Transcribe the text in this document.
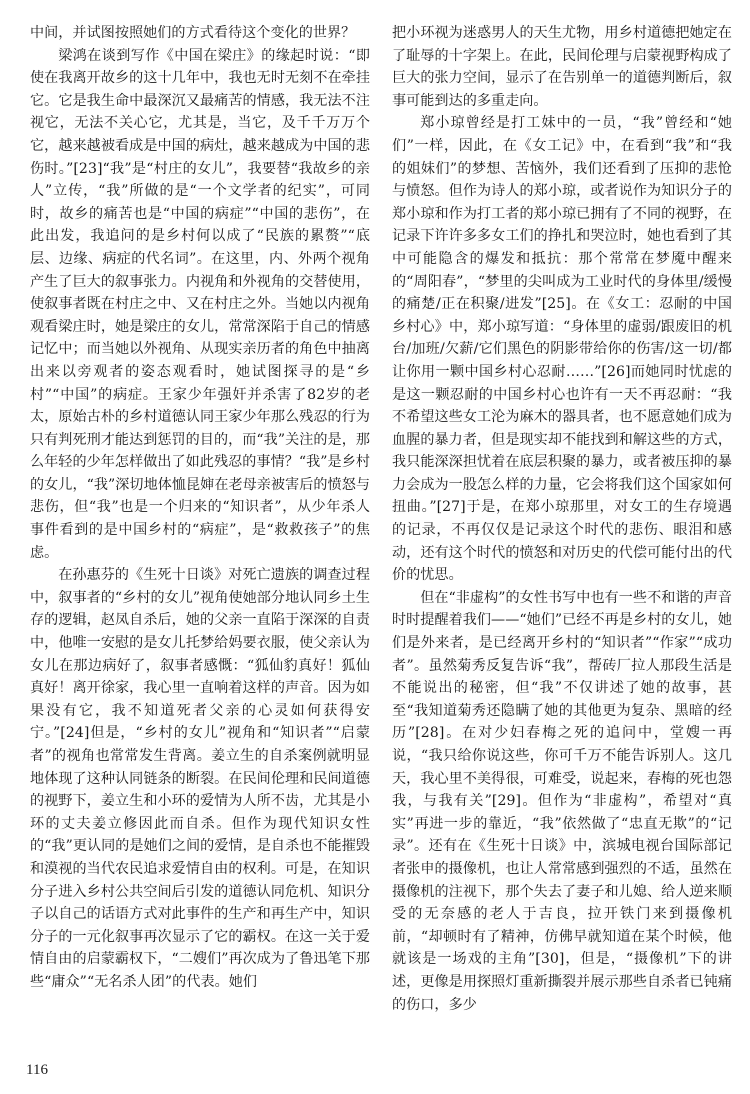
中间，并试图按照她们的方式看待这个变化的世界？

梁鸿在谈到写作《中国在梁庄》的缘起时说：“即使在我离开故乡的这十几年中，我也无时无刻不在牵挂它。它是我生命中最深沉又最痛苦的情感，我无法不注视它，无法不关心它，尤其是，当它，及千千万万个它，越来越被看成是中国的病灶，越来越成为中国的悲伤时。”[23]“我”是“村庄的女儿”，我要替“我故乡的亲人”立传，“我”所做的是“一个文学者的纪实”，可同时，故乡的痛苦也是“中国的病症”“中国的悲伤”，在此出发，我追问的是乡村何以成了“民族的累赘”“底层、边缘、病症的代名词”。在这里，内、外两个视角产生了巨大的叙事张力。内视角和外视角的交替使用，使叙事者既在村庄之中、又在村庄之外。当她以内视角观看梁庄时，她是梁庄的女儿，常常深陷于自己的情感记忆中；而当她以外视角、从现实亲历者的角色中抽离出来以旁观者的姿态观看时，她试图探寻的是“乡村”“中国”的病症。王家少年强奸并杀害了82岁的老太，原始古朴的乡村道德认同王家少年那么残忍的行为只有判死刑才能达到惩罚的目的，而“我”关注的是，那么年轻的少年怎样做出了如此残忍的事情？“我”是乡村的女儿，“我”深切地体恤昆婶在老母亲被害后的愤怒与悲伤，但“我”也是一个归来的“知识者”，从少年杀人事件看到的是中国乡村的“病症”，是“救救孩子”的焦虑。

在孙惠芬的《生死十日谈》对死亡遗族的调查过程中，叙事者的“乡村的女儿”视角使她部分地认同乡土生存的逻辑，赵凤自杀后，她的父亲一直陷于深深的自责中，他唯一安慰的是女儿托梦给妈要衣服，使父亲认为女儿在那边病好了，叙事者感慨：“狐仙豹真好！狐仙真好！离开徐家，我心里一直响着这样的声音。因为如果没有它，我不知道死者父亲的心灵如何获得安宁。”[24]但是，“乡村的女儿”视角和“知识者”“启蒙者”的视角也常常发生背离。姜立生的自杀案例就明显地体现了这种认同链条的断裂。在民间伦理和民间道德的视野下，姜立生和小环的爱情为人所不齿，尤其是小环的丈夫姜立修因此而自杀。但作为现代知识女性的“我”更认同的是她们之间的爱情，是自杀也不能摧毁和漠视的当代农民追求爱情自由的权利。可是，在知识分子进入乡村公共空间后引发的道德认同危机、知识分子以自己的话语方式对此事件的生产和再生产中，知识分子的一元化叙事再次显示了它的霸权。在这一关于爱情自由的启蒙霸权下，“二嫂们”再次成为了鲁迅笔下那些“庸众”“无名杀人团”的代表。她们

把小环视为迷惑男人的天生尤物，用乡村道德把她定在了耻辱的十字架上。在此，民间伦理与启蒙视野构成了巨大的张力空间，显示了在告别单一的道德判断后，叙事可能到达的多重走向。

郑小琼曾经是打工妹中的一员，“我”曾经和“她们”一样，因此，在《女工记》中，在看到“我”和“我的姐妹们”的梦想、苦恼外，我们还看到了压抑的悲怆与愤怒。但作为诗人的郑小琼，或者说作为知识分子的郑小琼和作为打工者的郑小琼已拥有了不同的视野，在记录下许许多多女工们的挣扎和哭泣时，她也看到了其中可能隐含的爆发和抵抗：那个常常在梦魇中醒来的“周阳春”，“梦里的尖叫成为工业时代的身体里/缓慢的痛楚/正在积聚/进发”[25]。在《女工：忍耐的中国乡村心》中，郑小琼写道：“身体里的虚弱/跟废旧的机台/加班/欠薪/它们黑色的阴影带给你的伤害/这一切/都让你用一颗中国乡村心忍耐……”[26]而她同时忧虑的是这一颗忍耐的中国乡村心也许有一天不再忍耐：“我不希望这些女工沦为麻木的器具者，也不愿意她们成为血腥的暴力者，但是现实却不能找到和解这些的方式，我只能深深担忧着在底层积聚的暴力，或者被压抑的暴力会成为一股怎么样的力量，它会将我们这个国家如何扭曲。”[27]于是，在郑小琼那里，对女工的生存境遇的记录，不再仅仅是记录这个时代的悲伤、眼泪和感动，还有这个时代的愤怒和对历史的代偿可能付出的代价的忧思。

但在“非虚构”的女性书写中也有一些不和谐的声音时时提醒着我们——“她们”已经不再是乡村的女儿，她们是外来者，是已经离开乡村的“知识者”“作家”“成功者”。虽然菊秀反复告诉“我”，帮砖厂拉人那段生活是不能说出的秘密，但“我”不仅讲述了她的故事，甚至“我知道菊秀还隐瞒了她的其他更为复杂、黑暗的经历”[28]。在对少妇春梅之死的追问中，堂嫂一再说，“我只给你说这些，你可千万不能告诉别人。这几天，我心里不美得很，可难受，说起来，春梅的死也怨我，与我有关”[29]。但作为“非虚构”，希望对“真实”再进一步的靠近，“我”依然做了“忠直无欺”的“记录”。还有在《生死十日谈》中，滨城电视台国际部记者张申的摄像机，也让人常常感到强烈的不适，虽然在摄像机的注视下，那个失去了妻子和儿媳、给人逆来顺受的无奈感的老人于吉良，拉开铁门来到摄像机前，“却顿时有了精神，仿佛早就知道在某个时候，他就该是一场戏的主角”[30]，但是，“摄像机”下的讲述，更像是用探照灯重新撕裂并展示那些自杀者已钝痛的伤口，多少

116
